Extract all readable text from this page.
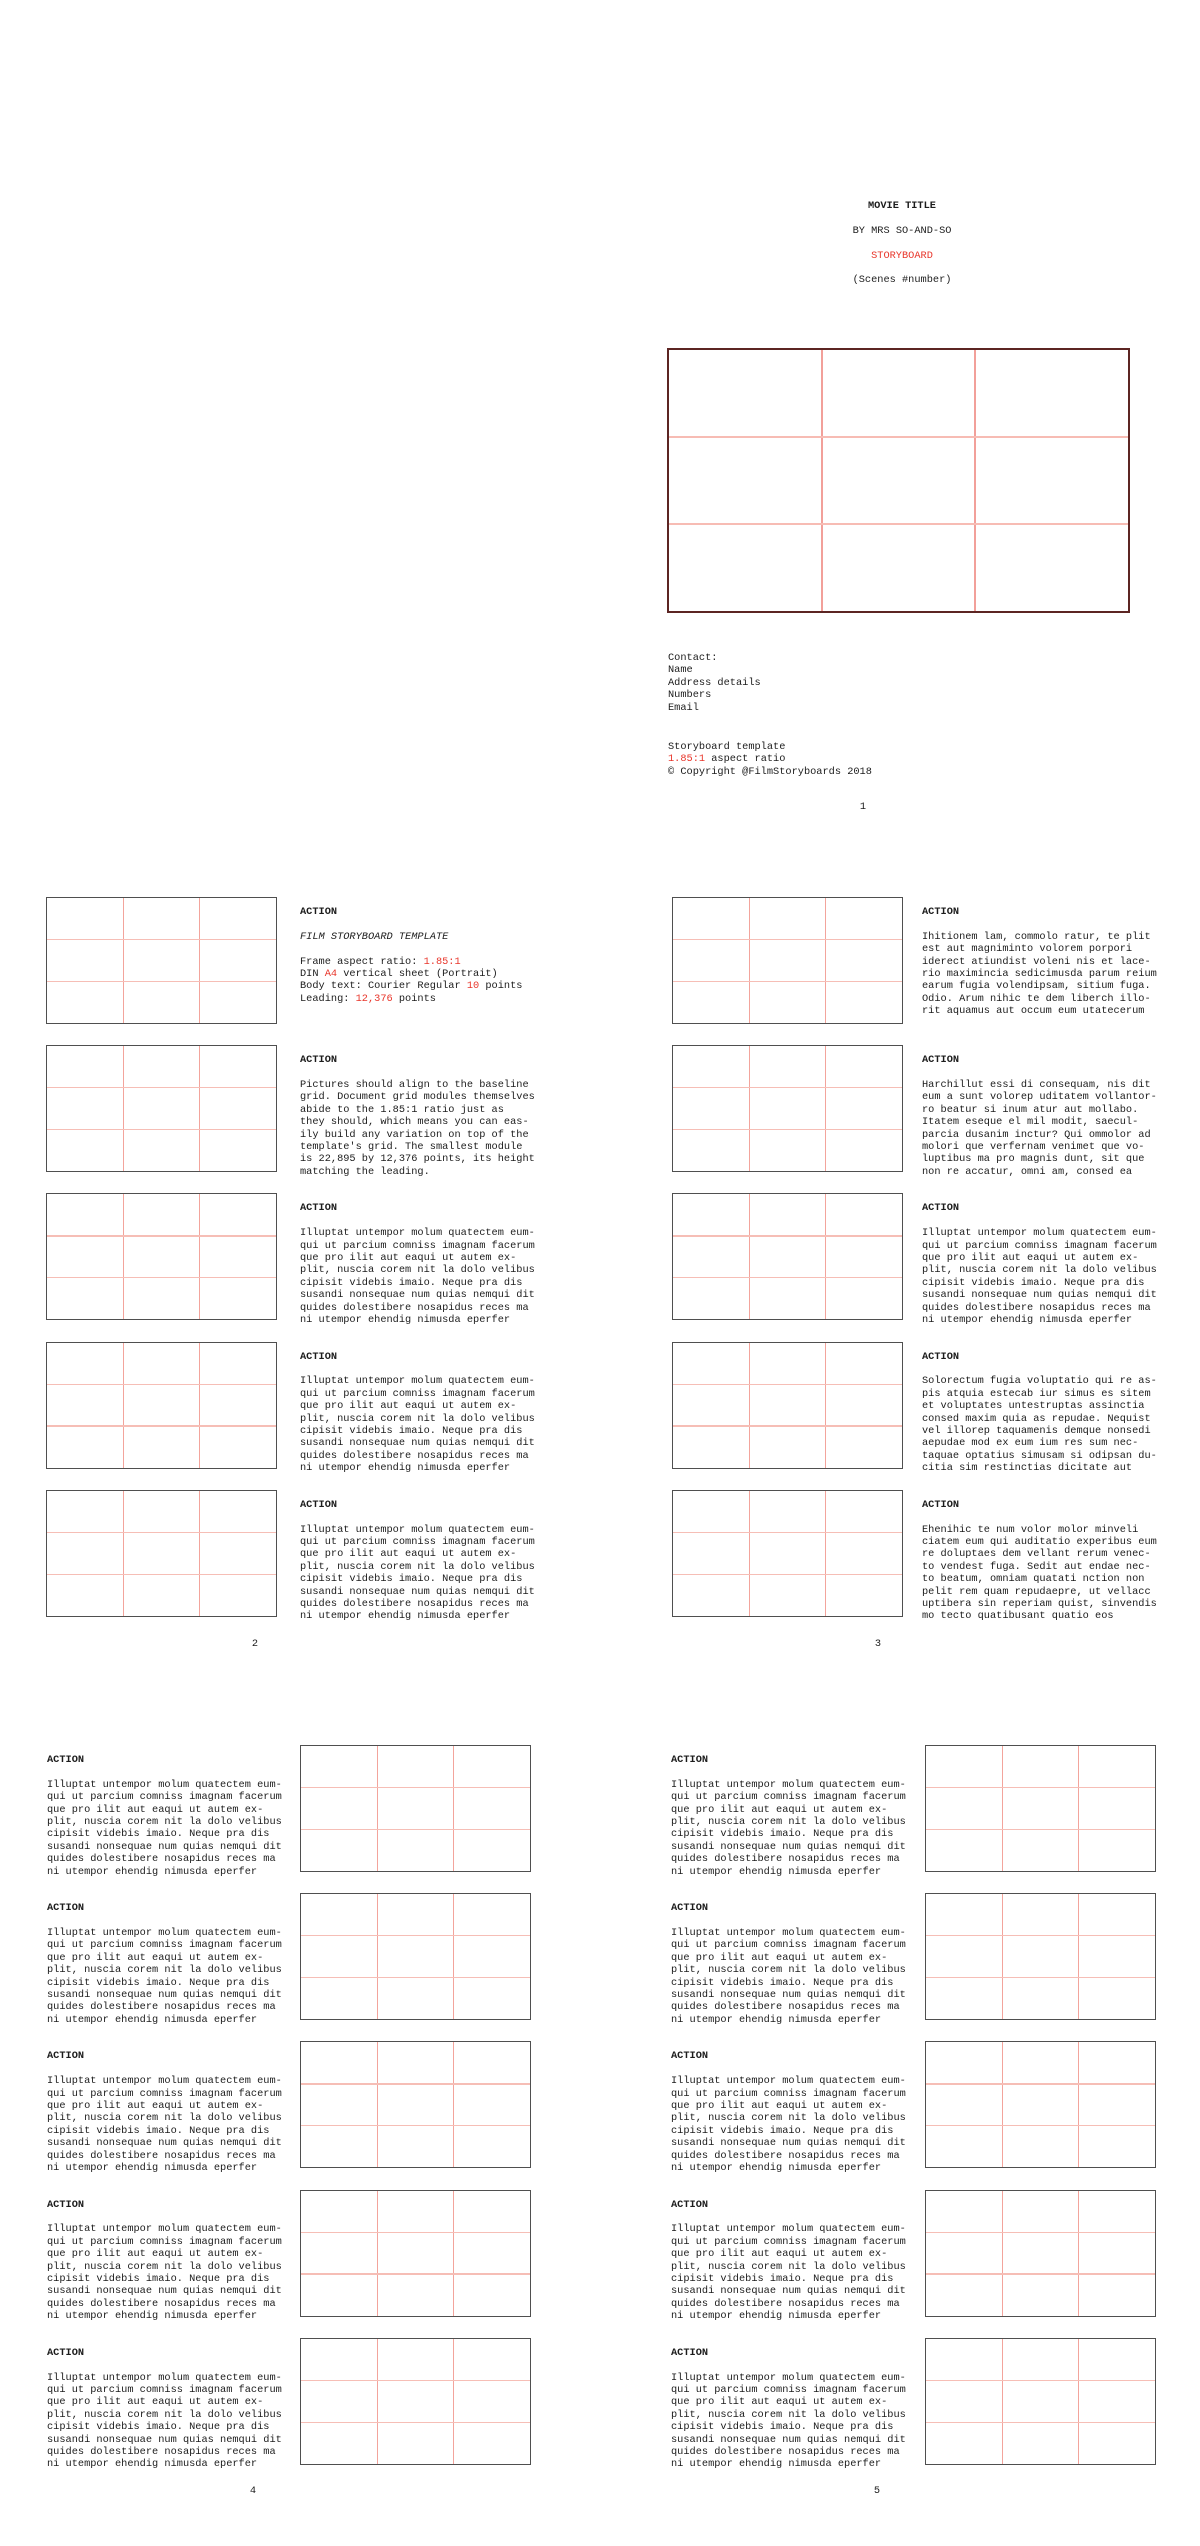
MOVIE TITLE
BY MRS SO-AND-SO
STORYBOARD
(Scenes #number)
Contact:
Name
Address details
Numbers
Email
Storyboard template
1.85:1 aspect ratio
© Copyright @FilmStoryboards 2018
1
ACTION

FILM STORYBOARD TEMPLATE

Frame aspect ratio: 1.85:1
DIN A4 vertical sheet (Portrait)
Body text: Courier Regular 10 points
Leading: 12,376 points
ACTION

Pictures should align to the baseline
grid. Document grid modules themselves
abide to the 1.85:1 ratio just as
they should, which means you can eas-
ily build any variation on top of the
template's grid. The smallest module
is 22,895 by 12,376 points, its height
matching the leading.
ACTION

Illuptat untempor molum quatectem eum-
qui ut parcium comniss imagnam facerum
que pro ilit aut eaqui ut autem ex-
plit, nuscia corem nit la dolo velibus
cipisit videbis imaio. Neque pra dis
susandi nonsequae num quias nemqui dit
quides dolestibere nosapidus reces ma
ni utempor ehendig nimusda eperfer
ACTION

Illuptat untempor molum quatectem eum-
qui ut parcium comniss imagnam facerum
que pro ilit aut eaqui ut autem ex-
plit, nuscia corem nit la dolo velibus
cipisit videbis imaio. Neque pra dis
susandi nonsequae num quias nemqui dit
quides dolestibere nosapidus reces ma
ni utempor ehendig nimusda eperfer
ACTION

Illuptat untempor molum quatectem eum-
qui ut parcium comniss imagnam facerum
que pro ilit aut eaqui ut autem ex-
plit, nuscia corem nit la dolo velibus
cipisit videbis imaio. Neque pra dis
susandi nonsequae num quias nemqui dit
quides dolestibere nosapidus reces ma
ni utempor ehendig nimusda eperfer
2
ACTION

Ihitionem lam, commolo ratur, te plit
est aut magniminto volorem porpori
iderect atiundist voleni nis et lace-
rio maximincia sedicimusda parum reium
earum fugia volendipsam, sitium fuga.
Odio. Arum nihic te dem liberch illo-
rit aquamus aut occum eum utatecerum
ACTION

Harchillut essi di consequam, nis dit
eum a sunt volorep uditatem vollantor-
ro beatur si inum atur aut mollabo.
Itatem eseque el mil modit, saecul-
parcia dusanim inctur? Qui ommolor ad
molori que verfernam venimet que vo-
luptibus ma pro magnis dunt, sit que
non re accatur, omni am, consed ea
ACTION

Illuptat untempor molum quatectem eum-
qui ut parcium comniss imagnam facerum
que pro ilit aut eaqui ut autem ex-
plit, nuscia corem nit la dolo velibus
cipisit videbis imaio. Neque pra dis
susandi nonsequae num quias nemqui dit
quides dolestibere nosapidus reces ma
ni utempor ehendig nimusda eperfer
ACTION

Solorectum fugia voluptatio qui re as-
pis atquia estecab iur simus es sitem
et voluptates untestruptas assinctia
consed maxim quia as repudae. Nequist
vel illorep taquamenis demque nonsedi
aepudae mod ex eum ium res sum nec-
taquae optatius simusam si odipsan du-
citia sim restinctias dicitate aut
ACTION

Ehenihic te num volor molor minveli
ciatem eum qui auditatio experibus eum
re doluptaes dem vellant rerum venec-
to vendest fuga. Sedit aut endae nec-
to beatum, omniam quatati nction non
pelit rem quam repudaepre, ut vellacc
uptibera sin reperiam quist, sinvendis
mo tecto quatibusant quatio eos
3
ACTION

Illuptat untempor molum quatectem eum-
qui ut parcium comniss imagnam facerum
que pro ilit aut eaqui ut autem ex-
plit, nuscia corem nit la dolo velibus
cipisit videbis imaio. Neque pra dis
susandi nonsequae num quias nemqui dit
quides dolestibere nosapidus reces ma
ni utempor ehendig nimusda eperfer
ACTION

Illuptat untempor molum quatectem eum-
qui ut parcium comniss imagnam facerum
que pro ilit aut eaqui ut autem ex-
plit, nuscia corem nit la dolo velibus
cipisit videbis imaio. Neque pra dis
susandi nonsequae num quias nemqui dit
quides dolestibere nosapidus reces ma
ni utempor ehendig nimusda eperfer
ACTION

Illuptat untempor molum quatectem eum-
qui ut parcium comniss imagnam facerum
que pro ilit aut eaqui ut autem ex-
plit, nuscia corem nit la dolo velibus
cipisit videbis imaio. Neque pra dis
susandi nonsequae num quias nemqui dit
quides dolestibere nosapidus reces ma
ni utempor ehendig nimusda eperfer
ACTION

Illuptat untempor molum quatectem eum-
qui ut parcium comniss imagnam facerum
que pro ilit aut eaqui ut autem ex-
plit, nuscia corem nit la dolo velibus
cipisit videbis imaio. Neque pra dis
susandi nonsequae num quias nemqui dit
quides dolestibere nosapidus reces ma
ni utempor ehendig nimusda eperfer
ACTION

Illuptat untempor molum quatectem eum-
qui ut parcium comniss imagnam facerum
que pro ilit aut eaqui ut autem ex-
plit, nuscia corem nit la dolo velibus
cipisit videbis imaio. Neque pra dis
susandi nonsequae num quias nemqui dit
quides dolestibere nosapidus reces ma
ni utempor ehendig nimusda eperfer
4
ACTION

Illuptat untempor molum quatectem eum-
qui ut parcium comniss imagnam facerum
que pro ilit aut eaqui ut autem ex-
plit, nuscia corem nit la dolo velibus
cipisit videbis imaio. Neque pra dis
susandi nonsequae num quias nemqui dit
quides dolestibere nosapidus reces ma
ni utempor ehendig nimusda eperfer
ACTION

Illuptat untempor molum quatectem eum-
qui ut parcium comniss imagnam facerum
que pro ilit aut eaqui ut autem ex-
plit, nuscia corem nit la dolo velibus
cipisit videbis imaio. Neque pra dis
susandi nonsequae num quias nemqui dit
quides dolestibere nosapidus reces ma
ni utempor ehendig nimusda eperfer
ACTION

Illuptat untempor molum quatectem eum-
qui ut parcium comniss imagnam facerum
que pro ilit aut eaqui ut autem ex-
plit, nuscia corem nit la dolo velibus
cipisit videbis imaio. Neque pra dis
susandi nonsequae num quias nemqui dit
quides dolestibere nosapidus reces ma
ni utempor ehendig nimusda eperfer
ACTION

Illuptat untempor molum quatectem eum-
qui ut parcium comniss imagnam facerum
que pro ilit aut eaqui ut autem ex-
plit, nuscia corem nit la dolo velibus
cipisit videbis imaio. Neque pra dis
susandi nonsequae num quias nemqui dit
quides dolestibere nosapidus reces ma
ni utempor ehendig nimusda eperfer
ACTION

Illuptat untempor molum quatectem eum-
qui ut parcium comniss imagnam facerum
que pro ilit aut eaqui ut autem ex-
plit, nuscia corem nit la dolo velibus
cipisit videbis imaio. Neque pra dis
susandi nonsequae num quias nemqui dit
quides dolestibere nosapidus reces ma
ni utempor ehendig nimusda eperfer
5
